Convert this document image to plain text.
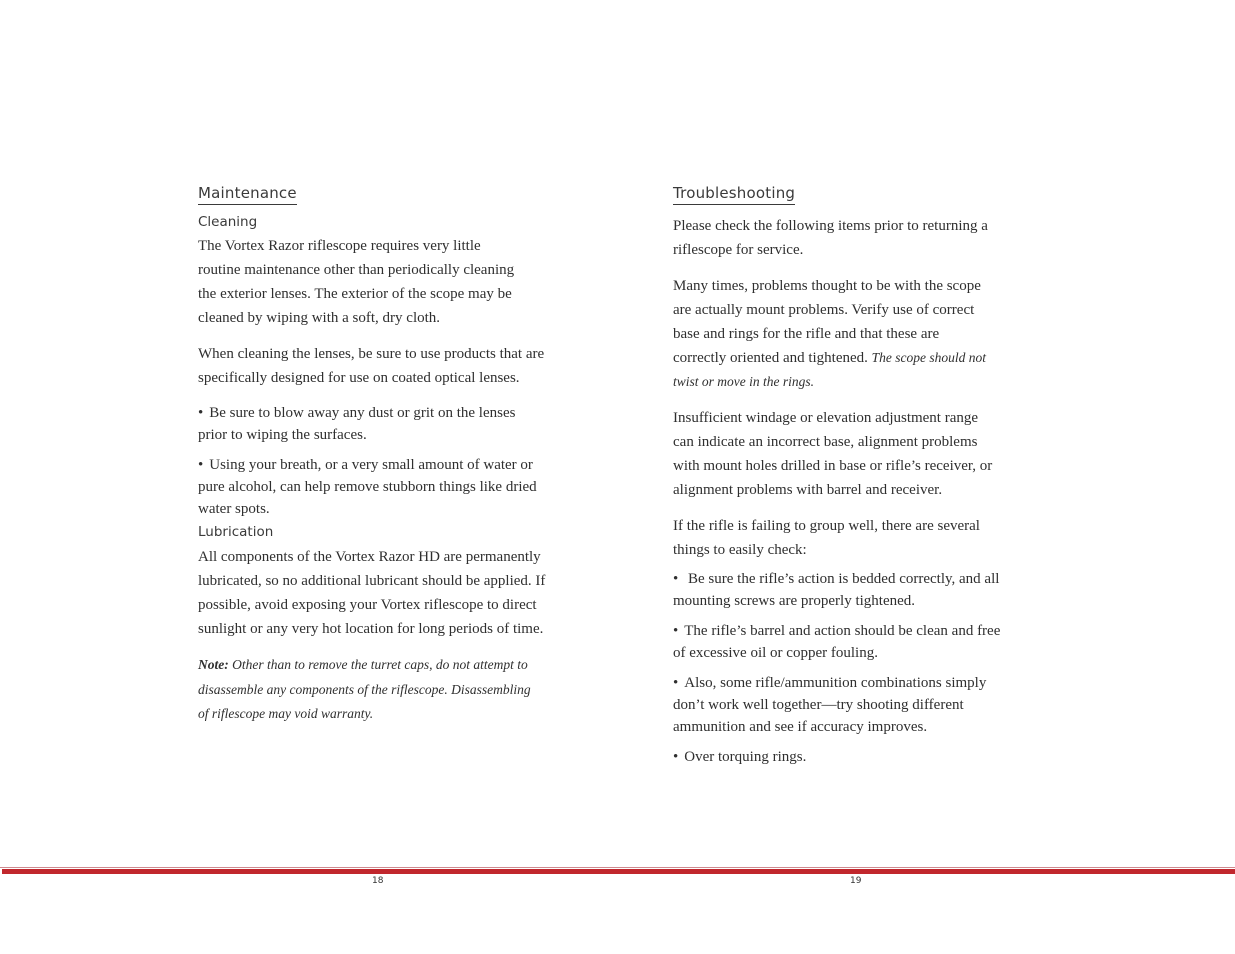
Maintenance
Cleaning

The Vortex Razor riflescope requires very little routine maintenance other than periodically cleaning the exterior lenses. The exterior of the scope may be cleaned by wiping with a soft, dry cloth.

When cleaning the lenses, be sure to use products that are specifically designed for use on coated optical lenses.

• Be sure to blow away any dust or grit on the lenses prior to wiping the surfaces.

• Using your breath, or a very small amount of water or pure alcohol, can help remove stubborn things like dried water spots.

Lubrication

All components of the Vortex Razor HD are permanently lubricated, so no additional lubricant should be applied. If possible, avoid exposing your Vortex riflescope to direct sunlight or any very hot location for long periods of time.

Note: Other than to remove the turret caps, do not attempt to disassemble any components of the riflescope. Disassembling of riflescope may void warranty.

Troubleshooting

Please check the following items prior to returning a riflescope for service.

Many times, problems thought to be with the scope are actually mount problems. Verify use of correct base and rings for the rifle and that these are correctly oriented and tightened. The scope should not twist or move in the rings.

Insufficient windage or elevation adjustment range can indicate an incorrect base, alignment problems with mount holes drilled in base or rifle’s receiver, or alignment problems with barrel and receiver.

If the rifle is failing to group well, there are several things to easily check:

• Be sure the rifle’s action is bedded correctly, and all mounting screws are properly tightened.

• The rifle’s barrel and action should be clean and free of excessive oil or copper fouling.

• Also, some rifle/ammunition combinations simply don’t work well together—try shooting different ammunition and see if accuracy improves.

• Over torquing rings.

18	19
